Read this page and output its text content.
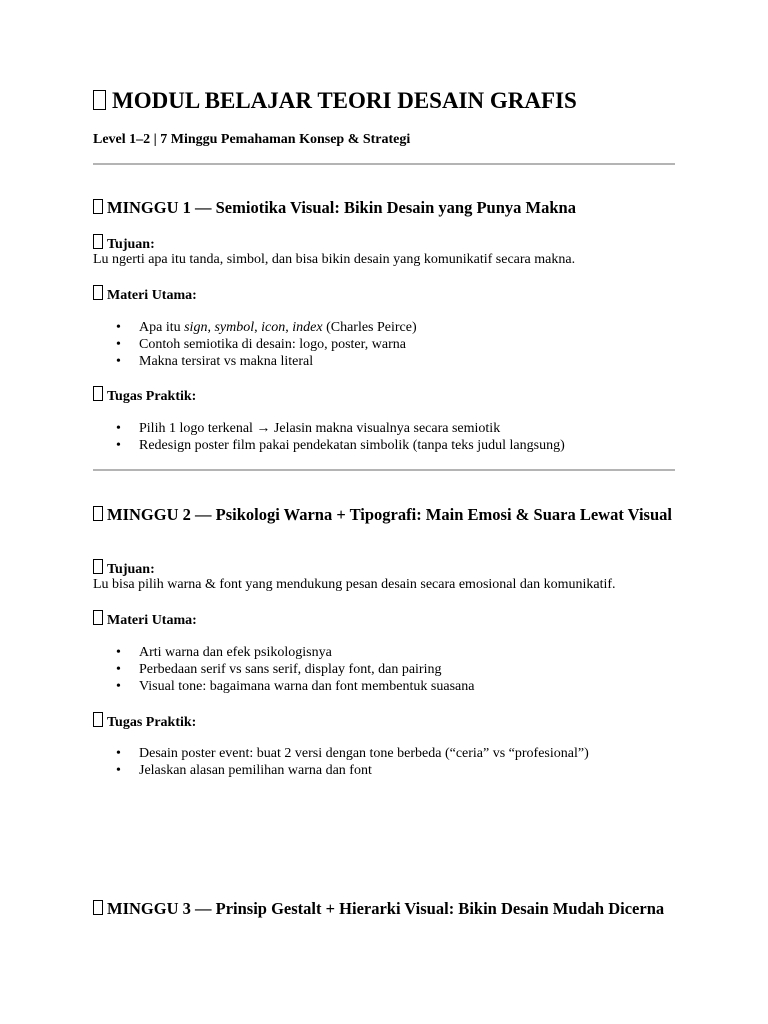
MODUL BELAJAR TEORI DESAIN GRAFIS

Level 1–2 | 7 Minggu Pemahaman Konsep & Strategi

MINGGU 1 — Semiotika Visual: Bikin Desain yang Punya Makna

Tujuan:

Lu ngerti apa itu tanda, simbol, dan bisa bikin desain yang komunikatif secara makna.

Materi Utama:

• Apa itu sign, symbol, icon, index (Charles Peirce)
• Contoh semiotika di desain: logo, poster, warna
• Makna tersirat vs makna literal

Tugas Praktik:

• Pilih 1 logo terkenal → Jelasin makna visualnya secara semiotik
• Redesign poster film pakai pendekatan simbolik (tanpa teks judul langsung)
MINGGU 2 — Psikologi Warna + Tipografi: Main Emosi & Suara Lewat Visual

Tujuan:

Lu bisa pilih warna & font yang mendukung pesan desain secara emosional dan komunikatif.

Materi Utama:

• Arti warna dan efek psikologisnya
• Perbedaan serif vs sans serif, display font, dan pairing
• Visual tone: bagaimana warna dan font membentuk suasana

Tugas Praktik:

• Desain poster event: buat 2 versi dengan tone berbeda (“ceria” vs “profesional”)
• Jelaskan alasan pemilihan warna dan font
MINGGU 3 — Prinsip Gestalt + Hierarki Visual: Bikin Desain Mudah Dicerna
